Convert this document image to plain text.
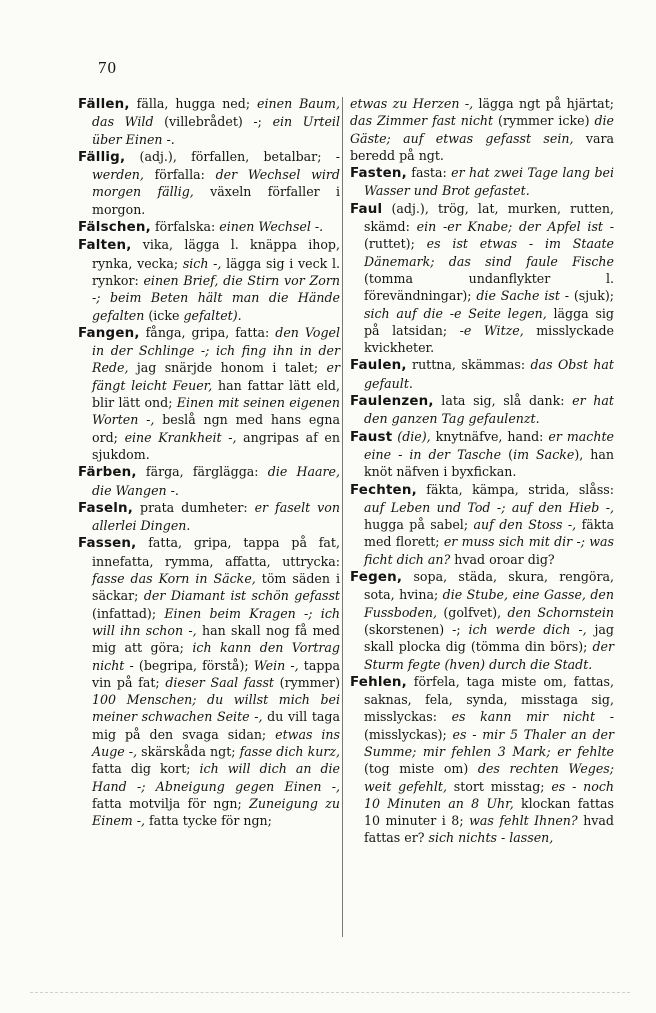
70

Fällen, fälla, hugga ned; einen Baum, das Wild (villebrådet) -; ein Urteil über Einen -.

Fällig, (adj.), förfallen, betalbar; - werden, förfalla: der Wechsel wird morgen fällig, växeln förfaller i morgon.

Fälschen, förfalska: einen Wechsel -.

Falten, vika, lägga l. knäppa ihop, rynka, vecka; sich -, lägga sig i veck l. rynkor: einen Brief, die Stirn vor Zorn -; beim Beten hält man die Hände gefalten (icke gefaltet).

Fangen, fånga, gripa, fatta: den Vogel in der Schlinge -; ich fing ihn in der Rede, jag snärjde honom i talet; er fängt leicht Feuer, han fattar lätt eld, blir lätt ond; Einen mit seinen eigenen Worten -, beslå ngn med hans egna ord; eine Krankheit -, angripas af en sjukdom.

Färben, färga, färglägga: die Haare, die Wangen -.

Faseln, prata dumheter: er faselt von allerlei Dingen.

Fassen, fatta, gripa, tappa på fat, innefatta, rymma, affatta, uttrycka: fasse das Korn in Säcke, töm säden i säckar; der Diamant ist schön gefasst (infattad); Einen beim Kragen -; ich will ihn schon -, han skall nog få med mig att göra; ich kann den Vortrag nicht - (begripa, förstå); Wein -, tappa vin på fat; dieser Saal fasst (rymmer) 100 Menschen; du willst mich bei meiner schwachen Seite -, du vill taga mig på den svaga sidan; etwas ins Auge -, skärskåda ngt; fasse dich kurz, fatta dig kort; ich will dich an die Hand -; Abneigung gegen Einen -, fatta motvilja för ngn; Zuneigung zu Einem -, fatta tycke för ngn;

etwas zu Herzen -, lägga ngt på hjärtat; das Zimmer fast nicht (rymmer icke) die Gäste; auf etwas gefasst sein, vara beredd på ngt.

Fasten, fasta: er hat zwei Tage lang bei Wasser und Brot gefastet.

Faul (adj.), trög, lat, murken, rutten, skämd: ein -er Knabe; der Apfel ist - (ruttet); es ist etwas - im Staate Dänemark; das sind faule Fische (tomma undanflykter l. förevändningar); die Sache ist - (sjuk); sich auf die -e Seite legen, lägga sig på latsidan; -e Witze, misslyckade kvickheter.

Faulen, ruttna, skämmas: das Obst hat gefault.

Faulenzen, lata sig, slå dank: er hat den ganzen Tag gefaulenzt.

Faust (die), knytnäfve, hand: er machte eine - in der Tasche (im Sacke), han knöt näfven i byxfickan.

Fechten, fäkta, kämpa, strida, slåss: auf Leben und Tod -; auf den Hieb -, hugga på sabel; auf den Stoss -, fäkta med florett; er muss sich mit dir -; was ficht dich an? hvad oroar dig?

Fegen, sopa, städa, skura, rengöra, sota, hvina; die Stube, eine Gasse, den Fussboden, (golfvet), den Schornstein (skorstenen) -; ich werde dich -, jag skall plocka dig (tömma din börs); der Sturm fegte (hven) durch die Stadt.

Fehlen, förfela, taga miste om, fattas, saknas, fela, synda, misstaga sig, misslyckas: es kann mir nicht - (misslyckas); es - mir 5 Thaler an der Summe; mir fehlen 3 Mark; er fehlte (tog miste om) des rechten Weges; weit gefehlt, stort misstag; es - noch 10 Minuten an 8 Uhr, klockan fattas 10 minuter i 8; was fehlt Ihnen? hvad fattas er? sich nichts - lassen,
